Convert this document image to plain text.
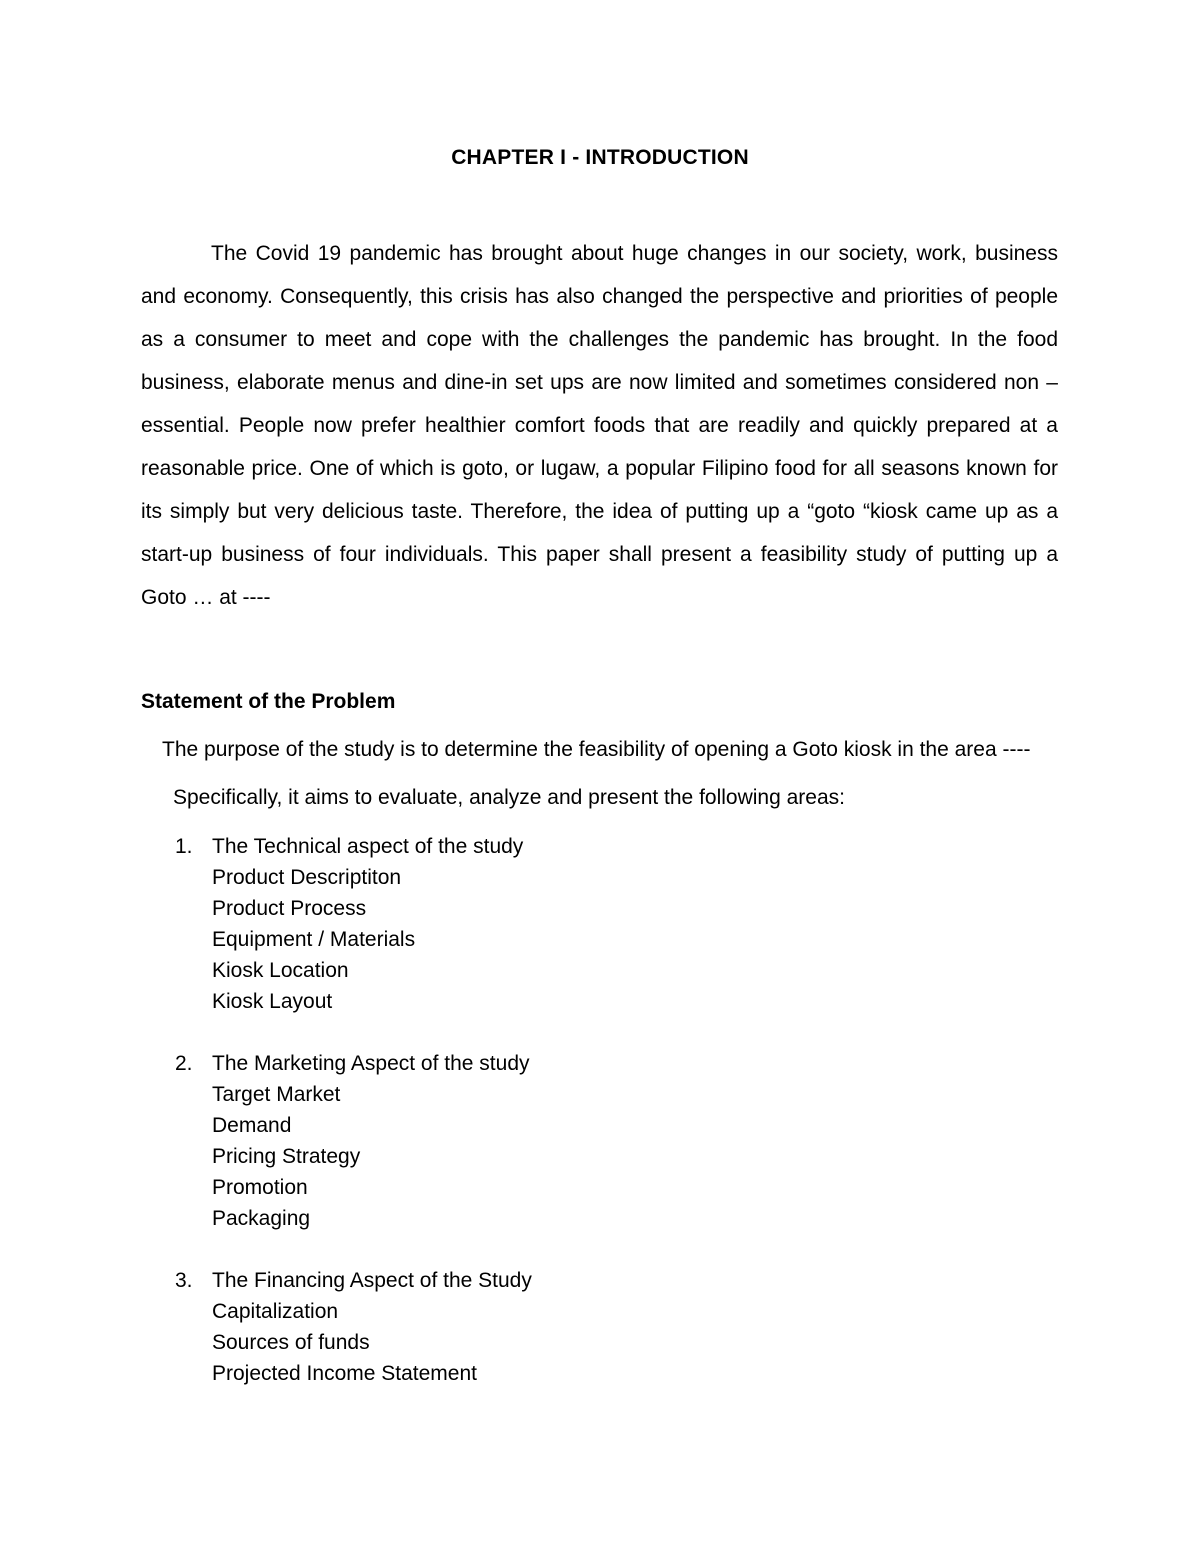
CHAPTER I - INTRODUCTION

The Covid 19 pandemic has brought about huge changes in our society, work, business and economy. Consequently, this crisis has also changed the perspective and priorities of people as a consumer to meet and cope with the challenges the pandemic has brought. In the food business, elaborate menus and dine-in set ups are now limited and sometimes considered non – essential. People now prefer healthier comfort foods that are readily and quickly prepared at a reasonable price. One of which is goto, or lugaw, a popular Filipino food for all seasons known for its simply but very delicious taste. Therefore, the idea of putting up a “goto “kiosk came up as a start-up business of four individuals. This paper shall present a feasibility study of putting up a Goto … at ----

Statement of the Problem
The purpose of the study is to determine the feasibility of opening a Goto kiosk in the area ----
Specifically, it aims to evaluate, analyze and present the following areas:
1. The Technical aspect of the study
Product Descriptiton
Product Process
Equipment / Materials
Kiosk Location
Kiosk Layout
2. The Marketing Aspect of the study
Target Market
Demand
Pricing Strategy
Promotion
Packaging
3. The Financing Aspect of the Study
Capitalization
Sources of funds
Projected Income Statement
